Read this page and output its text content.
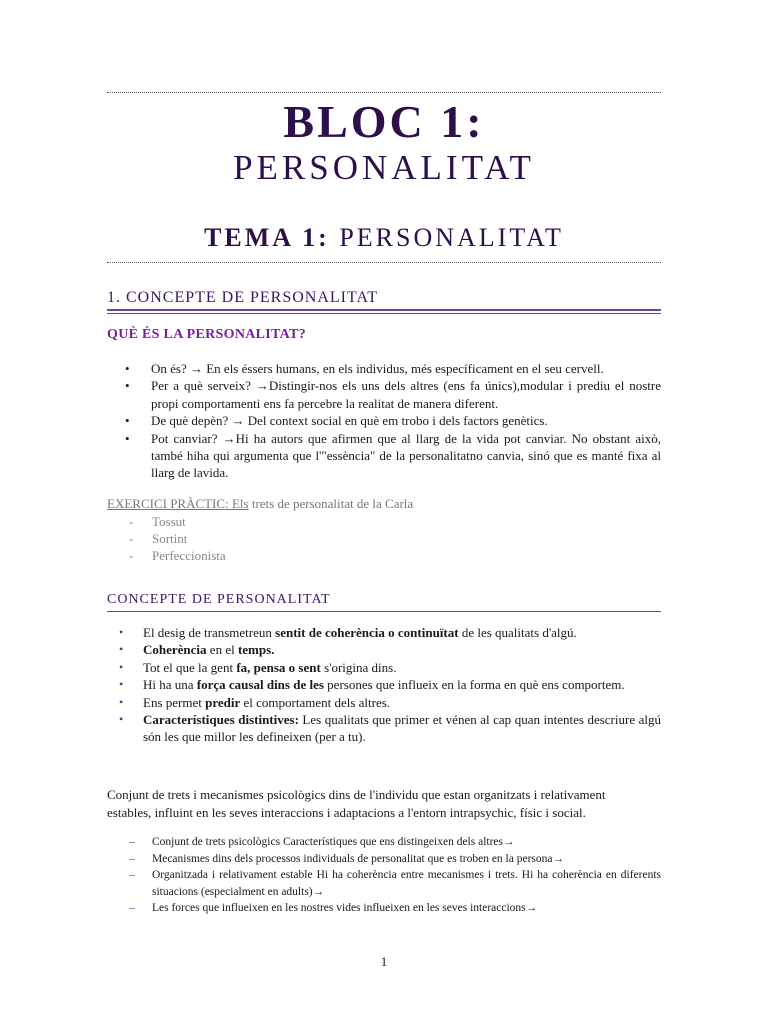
BLOC 1:
PERSONALITAT
TEMA 1: PERSONALITAT
1. CONCEPTE DE PERSONALITAT
QUÈ ÉS LA PERSONALITAT?
• On és? → En els éssers humans, en els individus, més específicament en el seu cervell.
• Per a què serveix? →Distingir-nos els uns dels altres (ens fa únics),modular i prediu el nostre propi comportamenti ens fa percebre la realitat de manera diferent.
• De què depèn? → Del context social en què em trobo i dels factors genètics.
• Pot canviar? →Hi ha autors que afirmen que al llarg de la vida pot canviar. No obstant això, també hiha qui argumenta que l'"essència" de la personalitatno canvia, sinó que es manté fixa al llarg de lavida.
EXERCICI PRÀCTIC: Els trets de personalitat de la Carla
- Tossut
- Sortint
- Perfeccionista
CONCEPTE DE PERSONALITAT
• El desig de transmetreun sentit de coherència o continuïtat de les qualitats d'algú.
• Coherència en el temps.
• Tot el que la gent fa, pensa o sent s'origina dins.
• Hi ha una força causal dins de les persones que influeix en la forma en què ens comportem.
• Ens permet predir el comportament dels altres.
• Característiques distintives: Les qualitats que primer et vénen al cap quan intentes descriure algú són les que millor les defineixen (per a tu).
Conjunt de trets i mecanismes psicològics dins de l'individu que estan organitzats i relativament estables, influint en les seves interaccions i adaptacions a l'entorn intrapsychic, físic i social.
– Conjunt de trets psicològics Característiques que ens distingeixen dels altres→
– Mecanismes dins dels processos individuals de personalitat que es troben en la persona→
– Organitzada i relativament estable Hi ha coherència entre mecanismes i trets. Hi ha coherència en diferents situacions (especialment en adults)→
– Les forces que influeixen en les nostres vides influeixen en les seves interaccions→
1
